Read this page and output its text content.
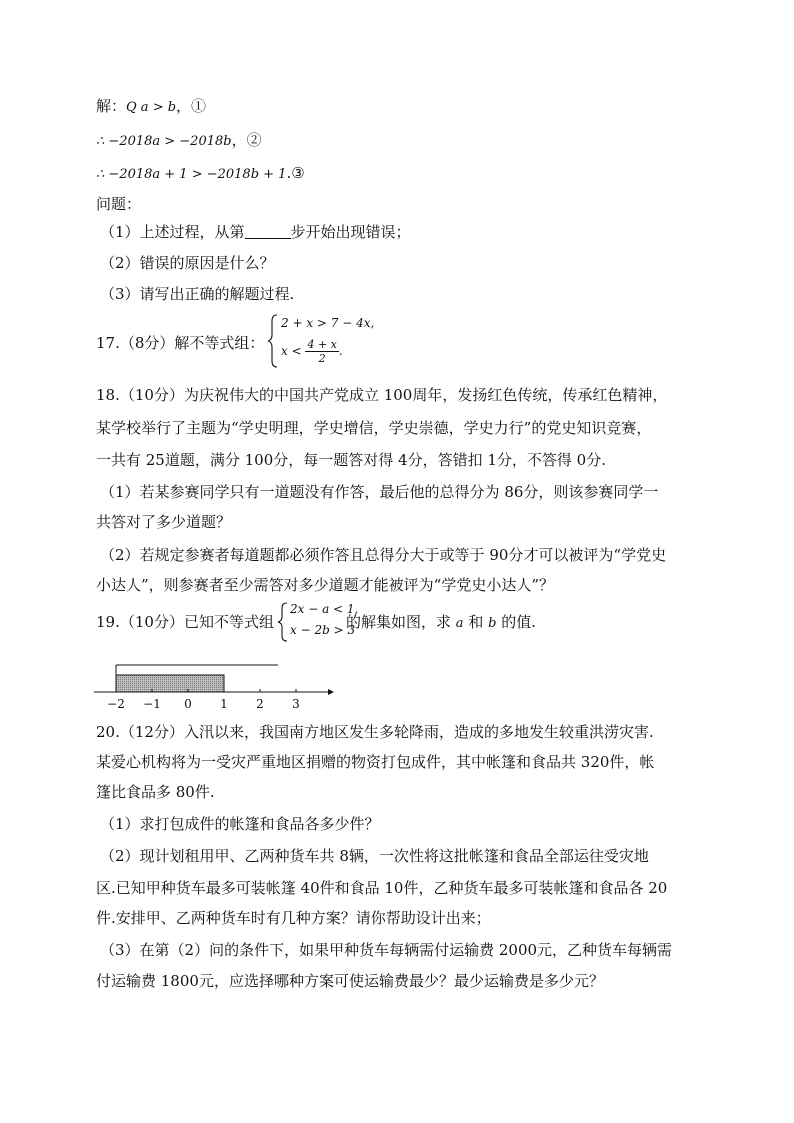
解：Q a > b，①
∴ −2018a > −2018b，②
∴ −2018a + 1 > −2018b + 1.③
问题：
（1）上述过程，从第	步开始出现错误；
（2）错误的原因是什么？
（3）请写出正确的解题过程.
17.（8分）解不等式组：
2 + x > 7 − 4x,
$x < \frac{4 + x}{2}$ .
18.（10分）为庆祝伟大的中国共产党成立 100周年，发扬红色传统，传承红色精神，
某学校举行了主题为“学史明理，学史增信，学史崇德，学史力行”的党史知识竞赛，
一共有 25道题，满分 100分，每一题答对得 4分，答错扣 1分，不答得 0分.
（1）若某参赛同学只有一道题没有作答，最后他的总得分为 86分，则该参赛同学一
共答对了多少道题？
（2）若规定参赛者每道题都必须作答且总得分大于或等于 90分才可以被评为“学党史
小达人”，则参赛者至少需答对多少道题才能被评为“学党史小达人”？
19.（10分）已知不等式组
2x − a < 1,
x − 2b > 3
的解集如图，求 a 和 b 的值.
−2 −1 0 1 2 3
20.（12分）入汛以来，我国南方地区发生多轮降雨，造成的多地发生较重洪涝灾害.
某爱心机构将为一受灾严重地区捐赠的物资打包成件，其中帐篷和食品共 320件，帐
篷比食品多 80件.
（1）求打包成件的帐篷和食品各多少件？
（2）现计划租用甲、乙两种货车共 8辆，一次性将这批帐篷和食品全部运往受灾地
区.已知甲种货车最多可装帐篷 40件和食品 10件，乙种货车最多可装帐篷和食品各 20
件.安排甲、乙两种货车时有几种方案？请你帮助设计出来；
（3）在第（2）问的条件下，如果甲种货车每辆需付运输费 2000元，乙种货车每辆需
付运输费 1800元，应选择哪种方案可使运输费最少？最少运输费是多少元？
